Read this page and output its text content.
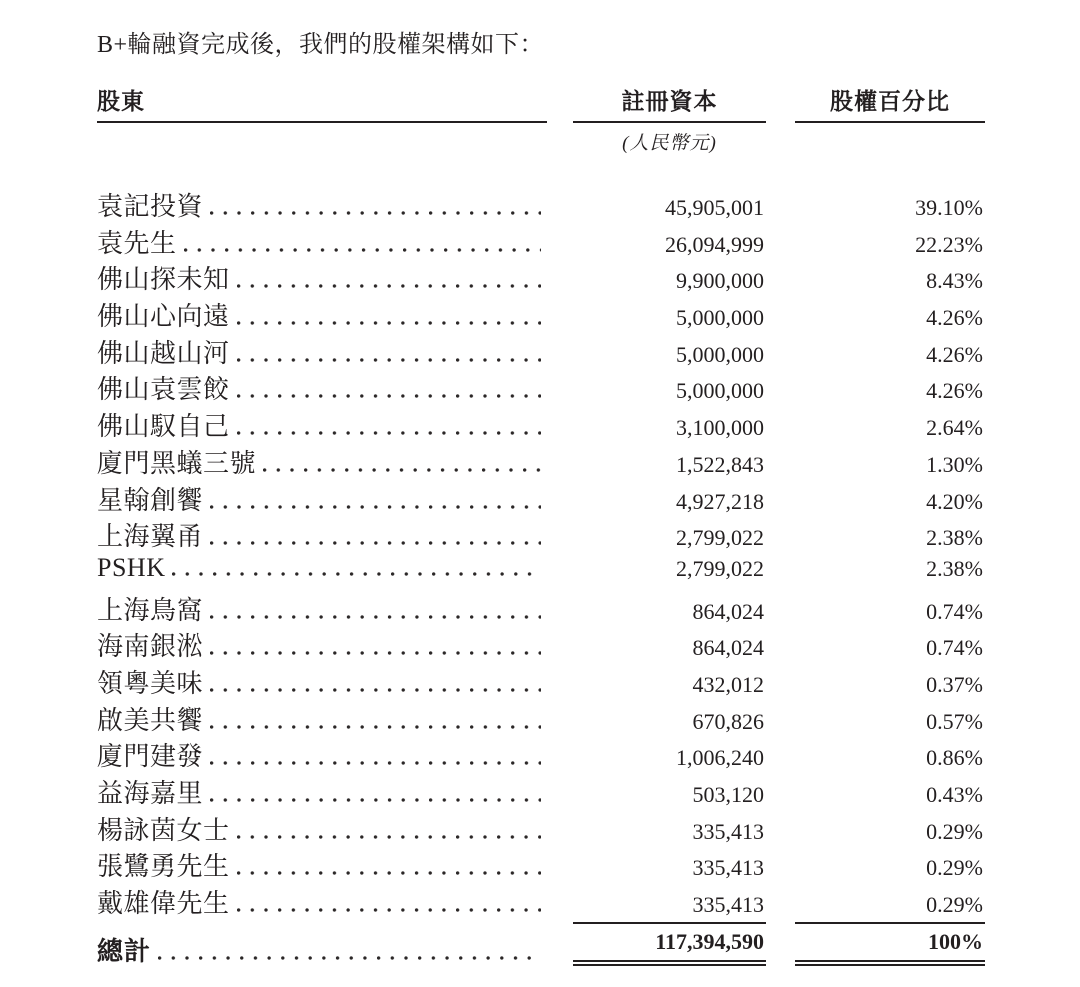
B+輪融資完成後，我們的股權架構如下：
股東	註冊資本	股權百分比
(人民幣元)
袁記投資	45,905,001	39.10%
袁先生	26,094,999	22.23%
佛山探未知	9,900,000	8.43%
佛山心向遠	5,000,000	4.26%
佛山越山河	5,000,000	4.26%
佛山袁雲餃	5,000,000	4.26%
佛山馭自己	3,100,000	2.64%
廈門黑蟻三號	1,522,843	1.30%
星翰創饗	4,927,218	4.20%
上海翼甬	2,799,022	2.38%
PSHK	2,799,022	2.38%
上海鳥窩	864,024	0.74%
海南銀淞	864,024	0.74%
領粵美味	432,012	0.37%
啟美共饗	670,826	0.57%
廈門建發	1,006,240	0.86%
益海嘉里	503,120	0.43%
楊詠茵女士	335,413	0.29%
張鷺勇先生	335,413	0.29%
戴雄偉先生	335,413	0.29%
總計	117,394,590	100%
